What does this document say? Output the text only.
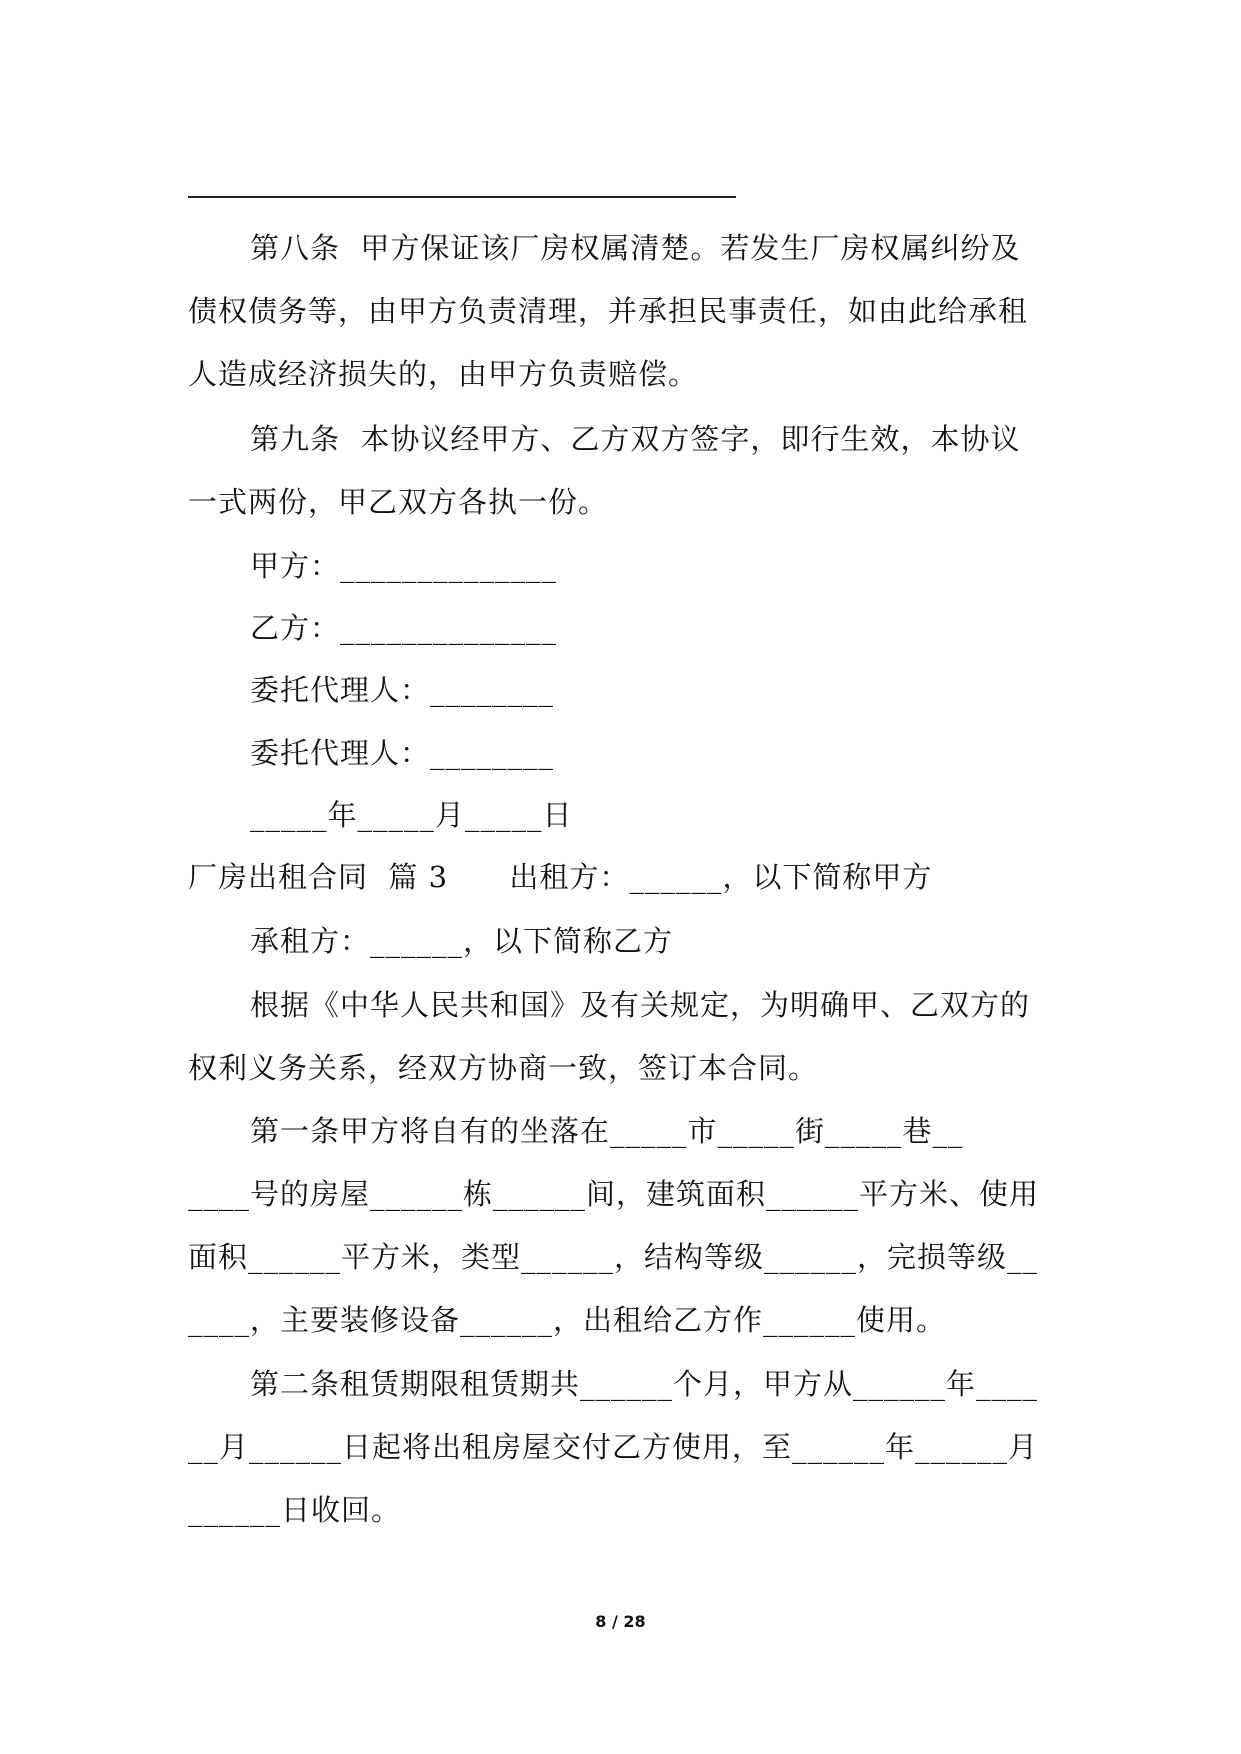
第八条  甲方保证该厂房权属清楚。若发生厂房权属纠纷及
债权债务等，由甲方负责清理，并承担民事责任，如由此给承租
人造成经济损失的，由甲方负责赔偿。
第九条  本协议经甲方、乙方双方签字，即行生效，本协议
一式两份，甲乙双方各执一份。
甲方：______________
乙方：______________
委托代理人：________
委托代理人：________
_____年_____月_____日
厂房出租合同  篇 3      出租方：______，以下简称甲方
承租方：______，以下简称乙方
根据《中华人民共和国》及有关规定，为明确甲、乙双方的
权利义务关系，经双方协商一致，签订本合同。
第一条甲方将自有的坐落在_____市_____街_____巷__
____号的房屋______栋______间，建筑面积______平方米、使用
面积______平方米，类型______，结构等级______，完损等级__
____，主要装修设备______，出租给乙方作______使用。
第二条租赁期限租赁期共______个月，甲方从______年____
__月______日起将出租房屋交付乙方使用，至______年______月
______日收回。
8 / 28
